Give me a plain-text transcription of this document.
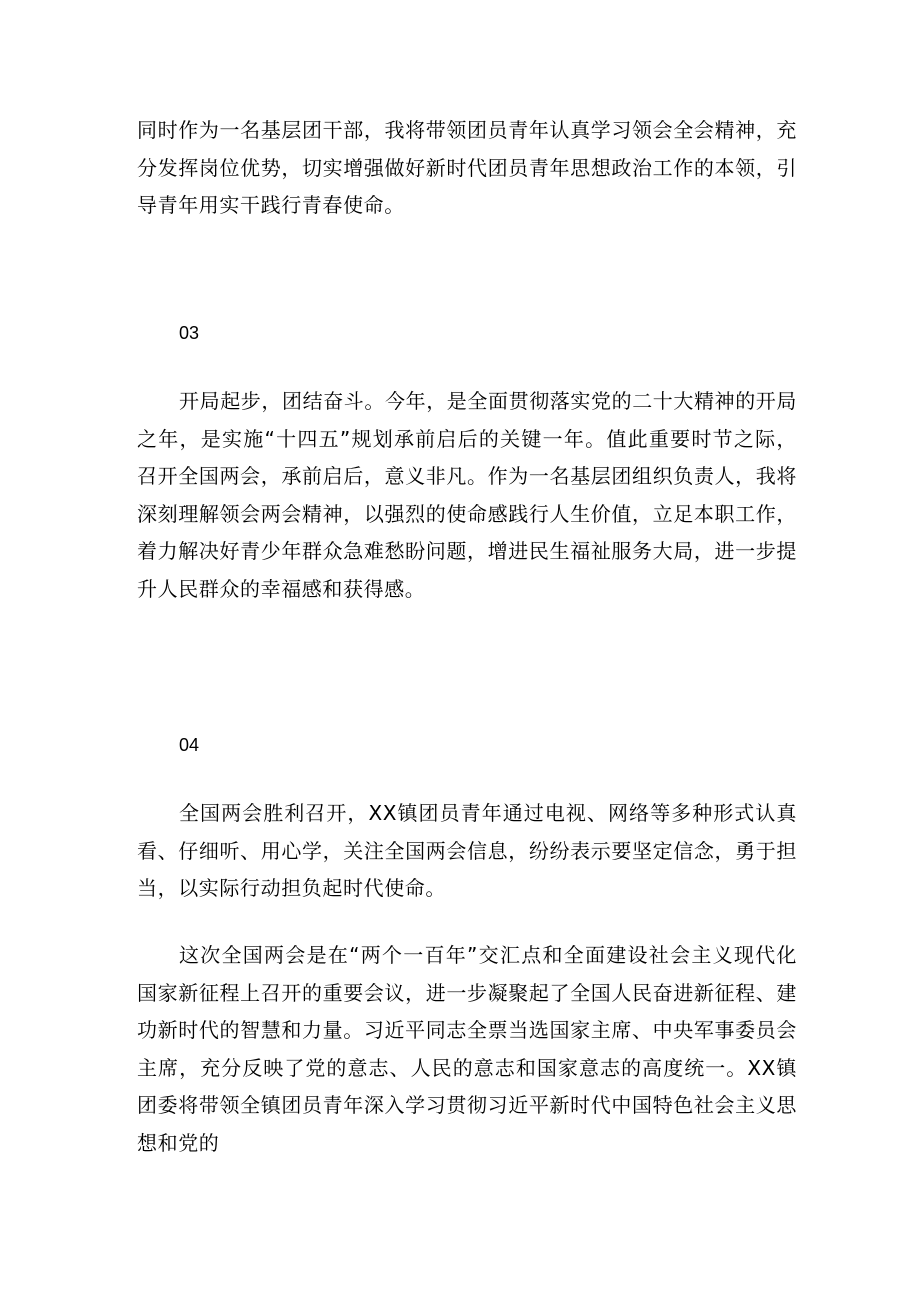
同时作为一名基层团干部，我将带领团员青年认真学习领会全会精神，充分发挥岗位优势，切实增强做好新时代团员青年思想政治工作的本领，引导青年用实干践行青春使命。

03

开局起步，团结奋斗。今年，是全面贯彻落实党的二十大精神的开局之年，是实施“十四五”规划承前启后的关键一年。值此重要时节之际，召开全国两会，承前启后，意义非凡。作为一名基层团组织负责人，我将深刻理解领会两会精神，以强烈的使命感践行人生价值，立足本职工作，着力解决好青少年群众急难愁盼问题，增进民生福祉服务大局，进一步提升人民群众的幸福感和获得感。

04

全国两会胜利召开，XX镇团员青年通过电视、网络等多种形式认真看、仔细听、用心学，关注全国两会信息，纷纷表示要坚定信念，勇于担当，以实际行动担负起时代使命。

这次全国两会是在“两个一百年”交汇点和全面建设社会主义现代化国家新征程上召开的重要会议，进一步凝聚起了全国人民奋进新征程、建功新时代的智慧和力量。习近平同志全票当选国家主席、中央军事委员会主席，充分反映了党的意志、人民的意志和国家意志的高度统一。XX镇团委将带领全镇团员青年深入学习贯彻习近平新时代中国特色社会主义思想和党的
